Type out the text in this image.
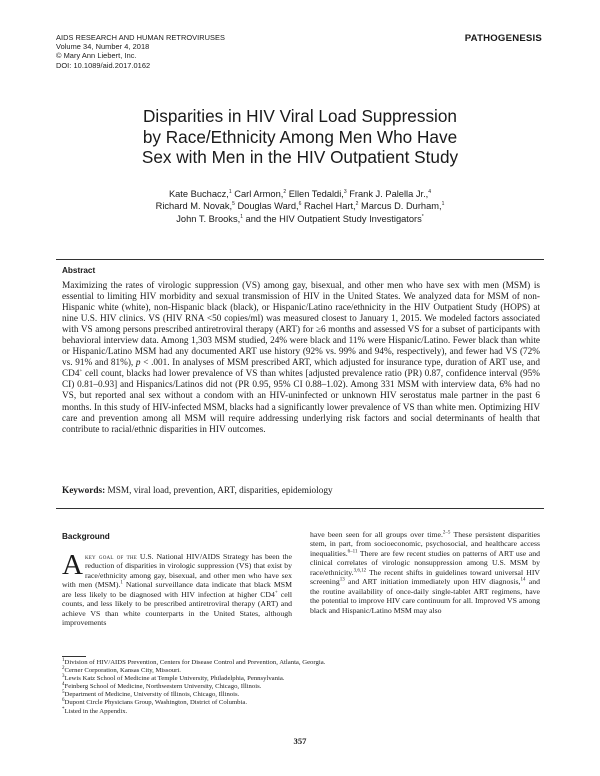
AIDS RESEARCH AND HUMAN RETROVIRUSES
Volume 34, Number 4, 2018
© Mary Ann Liebert, Inc.
DOI: 10.1089/aid.2017.0162
PATHOGENESIS
Disparities in HIV Viral Load Suppression
by Race/Ethnicity Among Men Who Have
Sex with Men in the HIV Outpatient Study
Kate Buchacz,$^1$ Carl Armon,$^2$ Ellen Tedaldi,$^3$ Frank J. Palella Jr.,$^4$
Richard M. Novak,$^5$ Douglas Ward,$^6$ Rachel Hart,$^2$ Marcus D. Durham,$^1$
John T. Brooks,$^1$ and the HIV Outpatient Study Investigators*
Abstract
Maximizing the rates of virologic suppression (VS) among gay, bisexual, and other men who have sex with men (MSM) is essential to limiting HIV morbidity and sexual transmission of HIV in the United States. We analyzed data for MSM of non-Hispanic white (white), non-Hispanic black (black), or Hispanic/Latino race/ethnicity in the HIV Outpatient Study (HOPS) at nine U.S. HIV clinics. VS (HIV RNA <50 copies/ml) was measured closest to January 1, 2015. We modeled factors associated with VS among persons prescribed antiretroviral therapy (ART) for ≥6 months and assessed VS for a subset of participants with behavioral interview data. Among 1,303 MSM studied, 24% were black and 11% were Hispanic/Latino. Fewer black than white or Hispanic/Latino MSM had any documented ART use history (92% vs. 99% and 94%, respectively), and fewer had VS (72% vs. 91% and 81%), p < .001. In analyses of MSM prescribed ART, which adjusted for insurance type, duration of ART use, and CD4+ cell count, blacks had lower prevalence of VS than whites [adjusted prevalence ratio (PR) 0.87, confidence interval (95% CI) 0.81–0.93] and Hispanics/Latinos did not (PR 0.95, 95% CI 0.88–1.02). Among 331 MSM with interview data, 6% had no VS, but reported anal sex without a condom with an HIV-uninfected or unknown HIV serostatus male partner in the past 6 months. In this study of HIV-infected MSM, blacks had a significantly lower prevalence of VS than white men. Optimizing HIV care and prevention among all MSM will require addressing underlying risk factors and social determinants of health that contribute to racial/ethnic disparities in HIV outcomes.
Keywords: MSM, viral load, prevention, ART, disparities, epidemiology
Background
A key goal of the U.S. National HIV/AIDS Strategy has been the reduction of disparities in virologic suppression (VS) that exist by race/ethnicity among gay, bisexual, and other men who have sex with men (MSM).$^1$ National surveillance data indicate that black MSM are less likely to be diagnosed with HIV infection at higher CD4+ cell counts, and less likely to be prescribed antiretroviral therapy (ART) and achieve VS than white counterparts in the United States, although improvements
have been seen for all groups over time.$^{2-5}$ These persistent disparities stem, in part, from socioeconomic, psychosocial, and healthcare access inequalities.$^{6-11}$ There are few recent studies on patterns of ART use and clinical correlates of virologic nonsuppression among U.S. MSM by race/ethnicity.$^{3,6,12}$ The recent shifts in guidelines toward universal HIV screening$^{13}$ and ART initiation immediately upon HIV diagnosis,$^{14}$ and the routine availability of once-daily single-tablet ART regimens, have the potential to improve HIV care continuum for all. Improved VS among black and Hispanic/Latino MSM may also
$^1$Division of HIV/AIDS Prevention, Centers for Disease Control and Prevention, Atlanta, Georgia.
$^2$Cerner Corporation, Kansas City, Missouri.
$^3$Lewis Katz School of Medicine at Temple University, Philadelphia, Pennsylvania.
$^4$Feinberg School of Medicine, Northwestern University, Chicago, Illinois.
$^5$Department of Medicine, University of Illinois, Chicago, Illinois.
$^6$Dupont Circle Physicians Group, Washington, District of Columbia.
*Listed in the Appendix.
357
